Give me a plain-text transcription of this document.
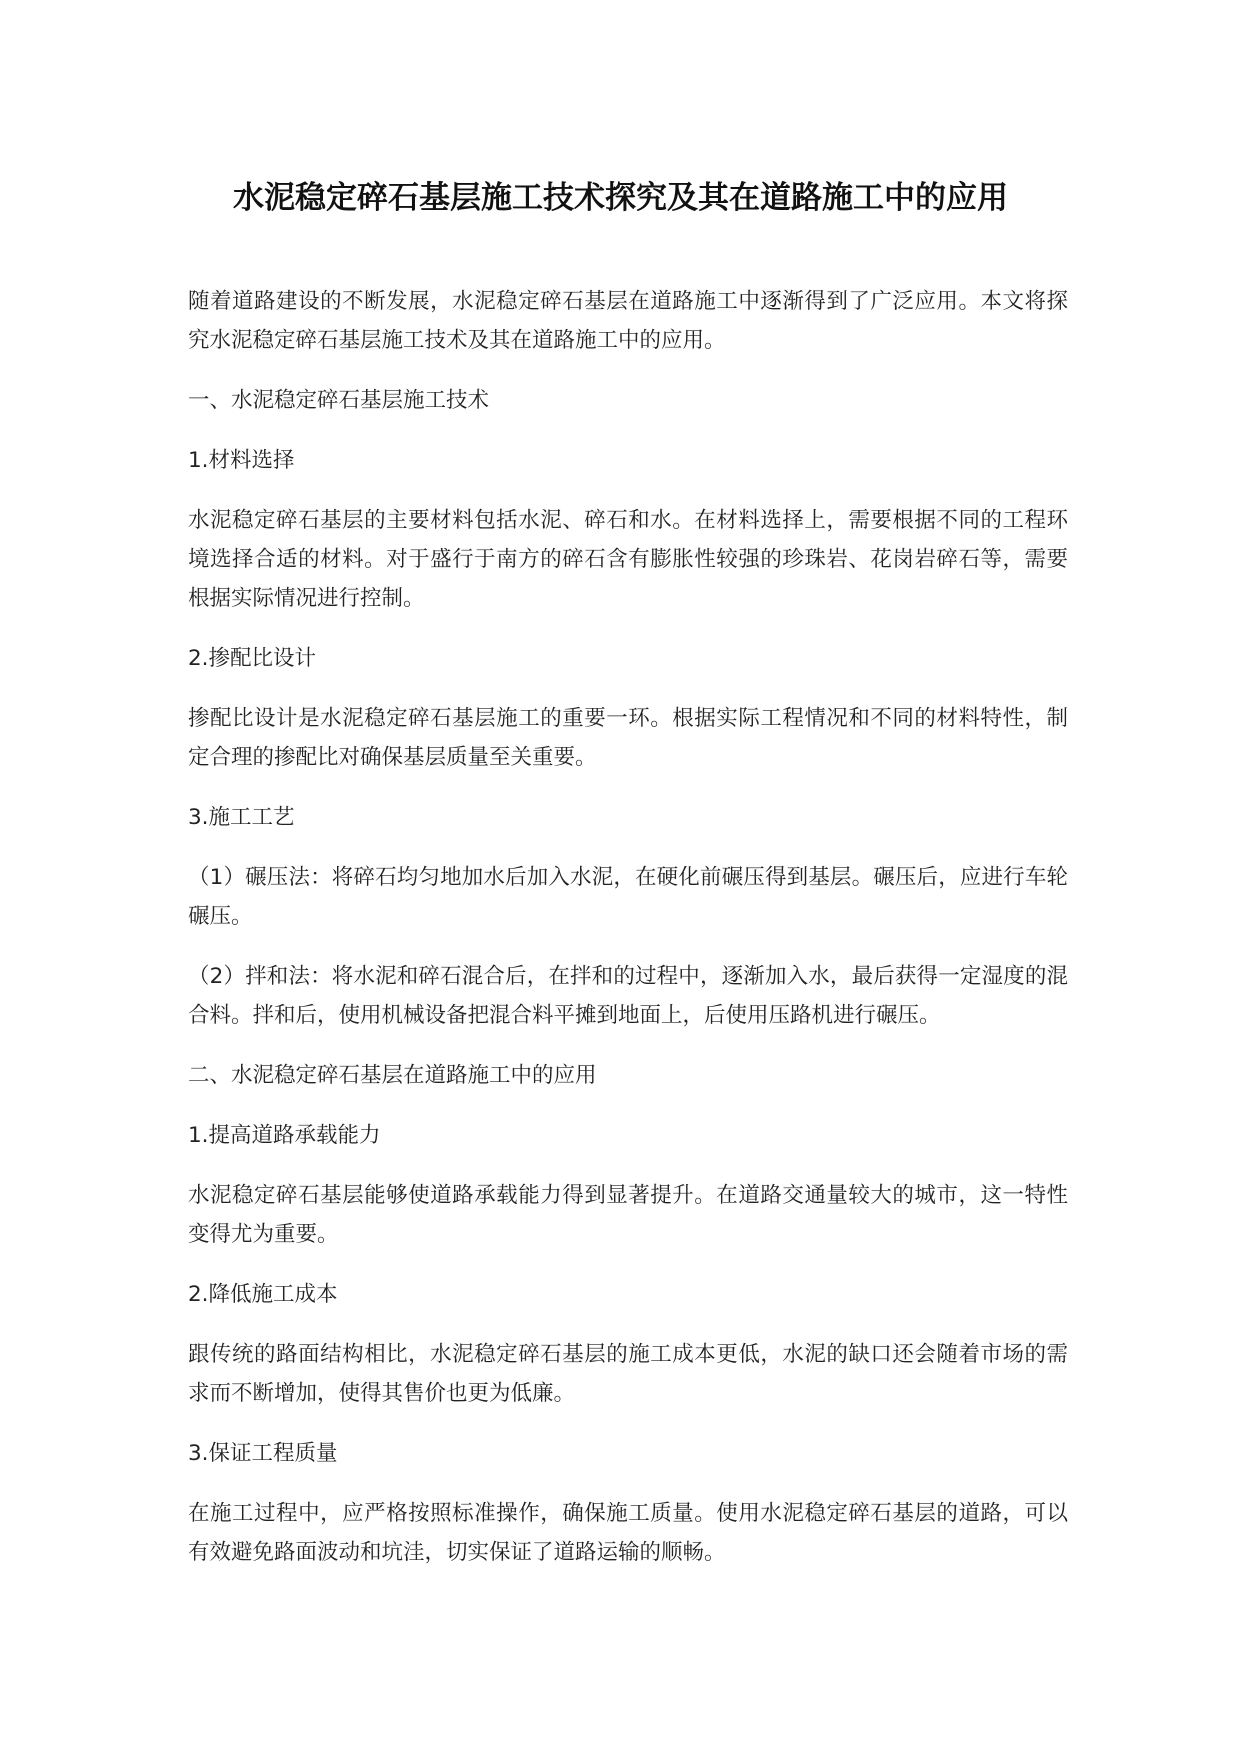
水泥稳定碎石基层施工技术探究及其在道路施工中的应用

随着道路建设的不断发展，水泥稳定碎石基层在道路施工中逐渐得到了广泛应用。本文将探究水泥稳定碎石基层施工技术及其在道路施工中的应用。

一、水泥稳定碎石基层施工技术

1.材料选择

水泥稳定碎石基层的主要材料包括水泥、碎石和水。在材料选择上，需要根据不同的工程环境选择合适的材料。对于盛行于南方的碎石含有膨胀性较强的珍珠岩、花岗岩碎石等，需要根据实际情况进行控制。

2.掺配比设计

掺配比设计是水泥稳定碎石基层施工的重要一环。根据实际工程情况和不同的材料特性，制定合理的掺配比对确保基层质量至关重要。

3.施工工艺

（1）碾压法：将碎石均匀地加水后加入水泥，在硬化前碾压得到基层。碾压后，应进行车轮碾压。

（2）拌和法：将水泥和碎石混合后，在拌和的过程中，逐渐加入水，最后获得一定湿度的混合料。拌和后，使用机械设备把混合料平摊到地面上，后使用压路机进行碾压。

二、水泥稳定碎石基层在道路施工中的应用

1.提高道路承载能力

水泥稳定碎石基层能够使道路承载能力得到显著提升。在道路交通量较大的城市，这一特性变得尤为重要。

2.降低施工成本

跟传统的路面结构相比，水泥稳定碎石基层的施工成本更低，水泥的缺口还会随着市场的需求而不断增加，使得其售价也更为低廉。

3.保证工程质量

在施工过程中，应严格按照标准操作，确保施工质量。使用水泥稳定碎石基层的道路，可以有效避免路面波动和坑洼，切实保证了道路运输的顺畅。
